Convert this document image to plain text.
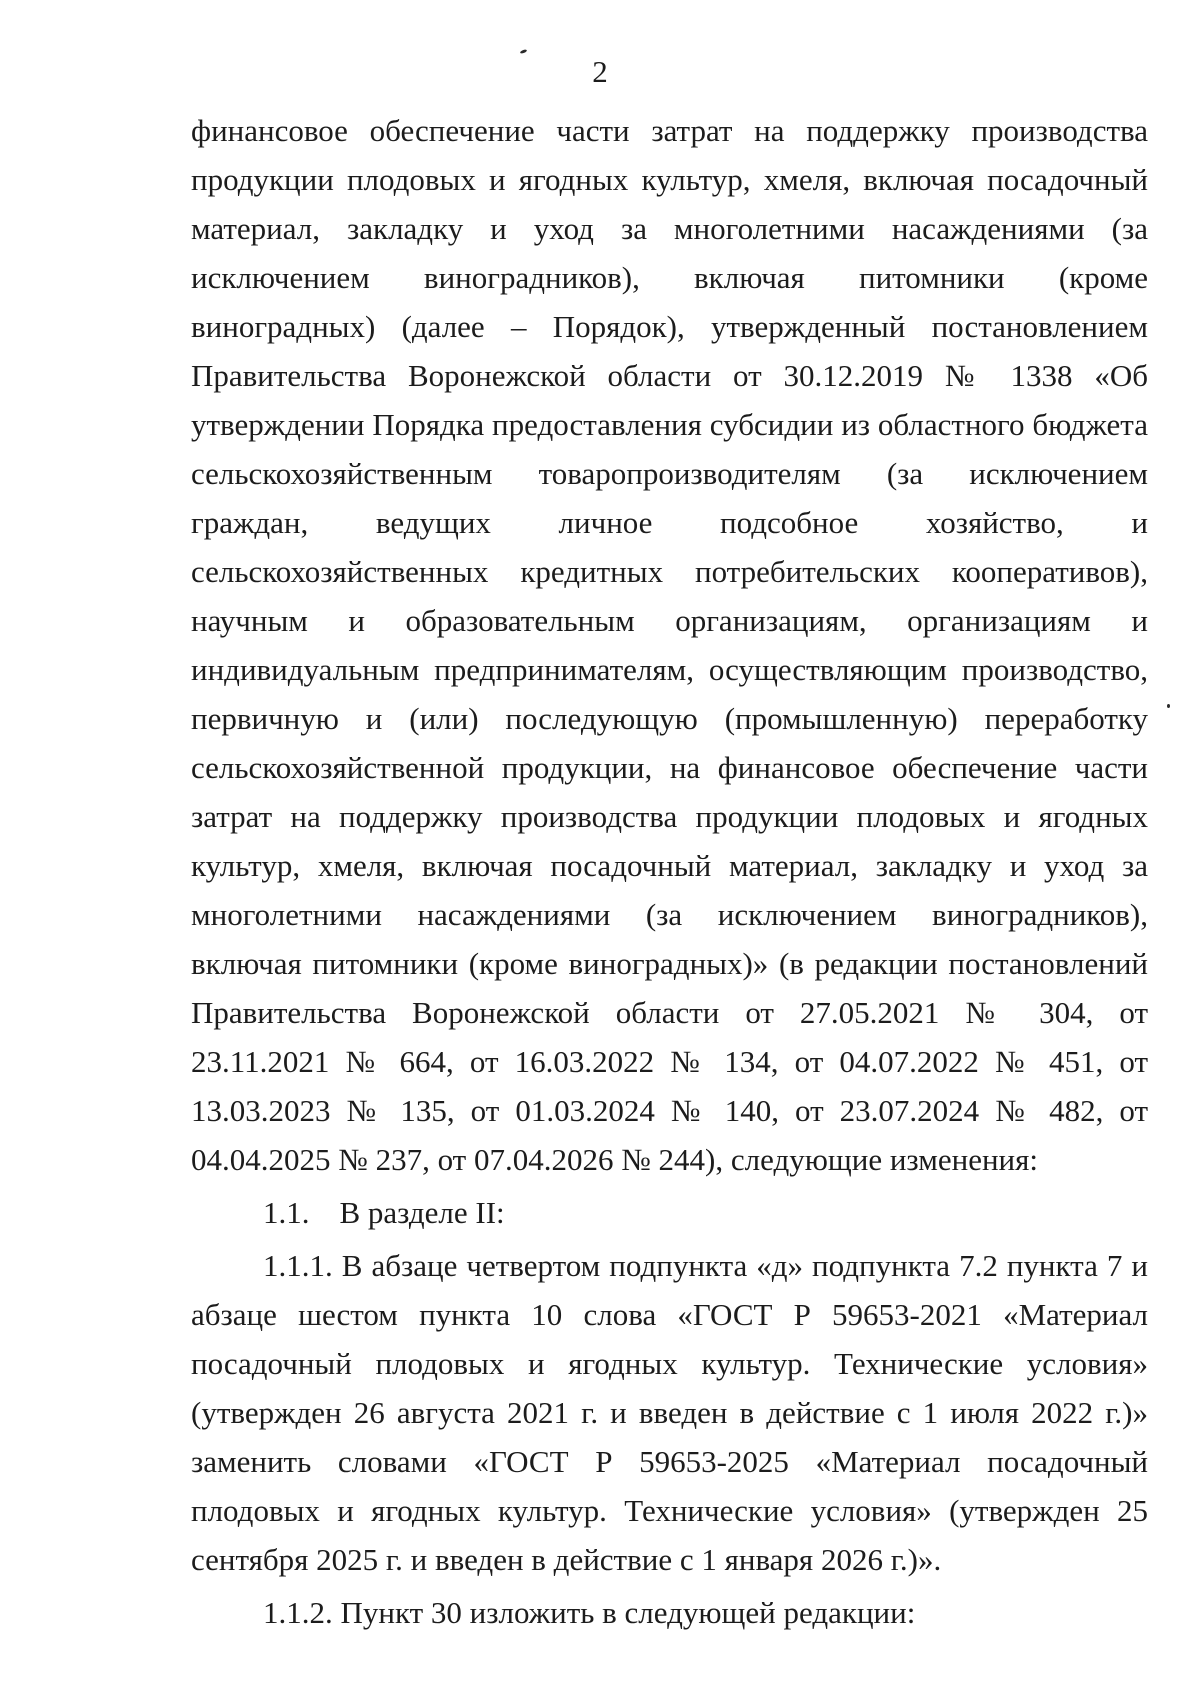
2

финансовое обеспечение части затрат на поддержку производства продукции плодовых и ягодных культур, хмеля, включая посадочный материал, закладку и уход за многолетними насаждениями (за исключением виноградников), включая питомники (кроме виноградных) (далее – Порядок), утвержденный постановлением Правительства Воронежской области от 30.12.2019 № 1338 «Об утверждении Порядка предоставления субсидии из областного бюджета сельскохозяйственным товаропроизводителям (за исключением граждан, ведущих личное подсобное хозяйство, и сельскохозяйственных кредитных потребительских кооперативов), научным и образовательным организациям, организациям и индивидуальным предпринимателям, осуществляющим производство, первичную и (или) последующую (промышленную) переработку сельскохозяйственной продукции, на финансовое обеспечение части затрат на поддержку производства продукции плодовых и ягодных культур, хмеля, включая посадочный материал, закладку и уход за многолетними насаждениями (за исключением виноградников), включая питомники (кроме виноградных)» (в редакции постановлений Правительства Воронежской области от 27.05.2021 № 304, от 23.11.2021 № 664, от 16.03.2022 № 134, от 04.07.2022 № 451, от 13.03.2023 № 135, от 01.03.2024 № 140, от 23.07.2024 № 482, от 04.04.2025 № 237, от 07.04.2026 № 244), следующие изменения:

1.1. В разделе II:

1.1.1. В абзаце четвертом подпункта «д» подпункта 7.2 пункта 7 и абзаце шестом пункта 10 слова «ГОСТ Р 59653-2021 «Материал посадочный плодовых и ягодных культур. Технические условия» (утвержден 26 августа 2021 г. и введен в действие с 1 июля 2022 г.)» заменить словами «ГОСТ Р 59653-2025 «Материал посадочный плодовых и ягодных культур. Технические условия» (утвержден 25 сентября 2025 г. и введен в действие с 1 января 2026 г.)».

1.1.2. Пункт 30 изложить в следующей редакции:
